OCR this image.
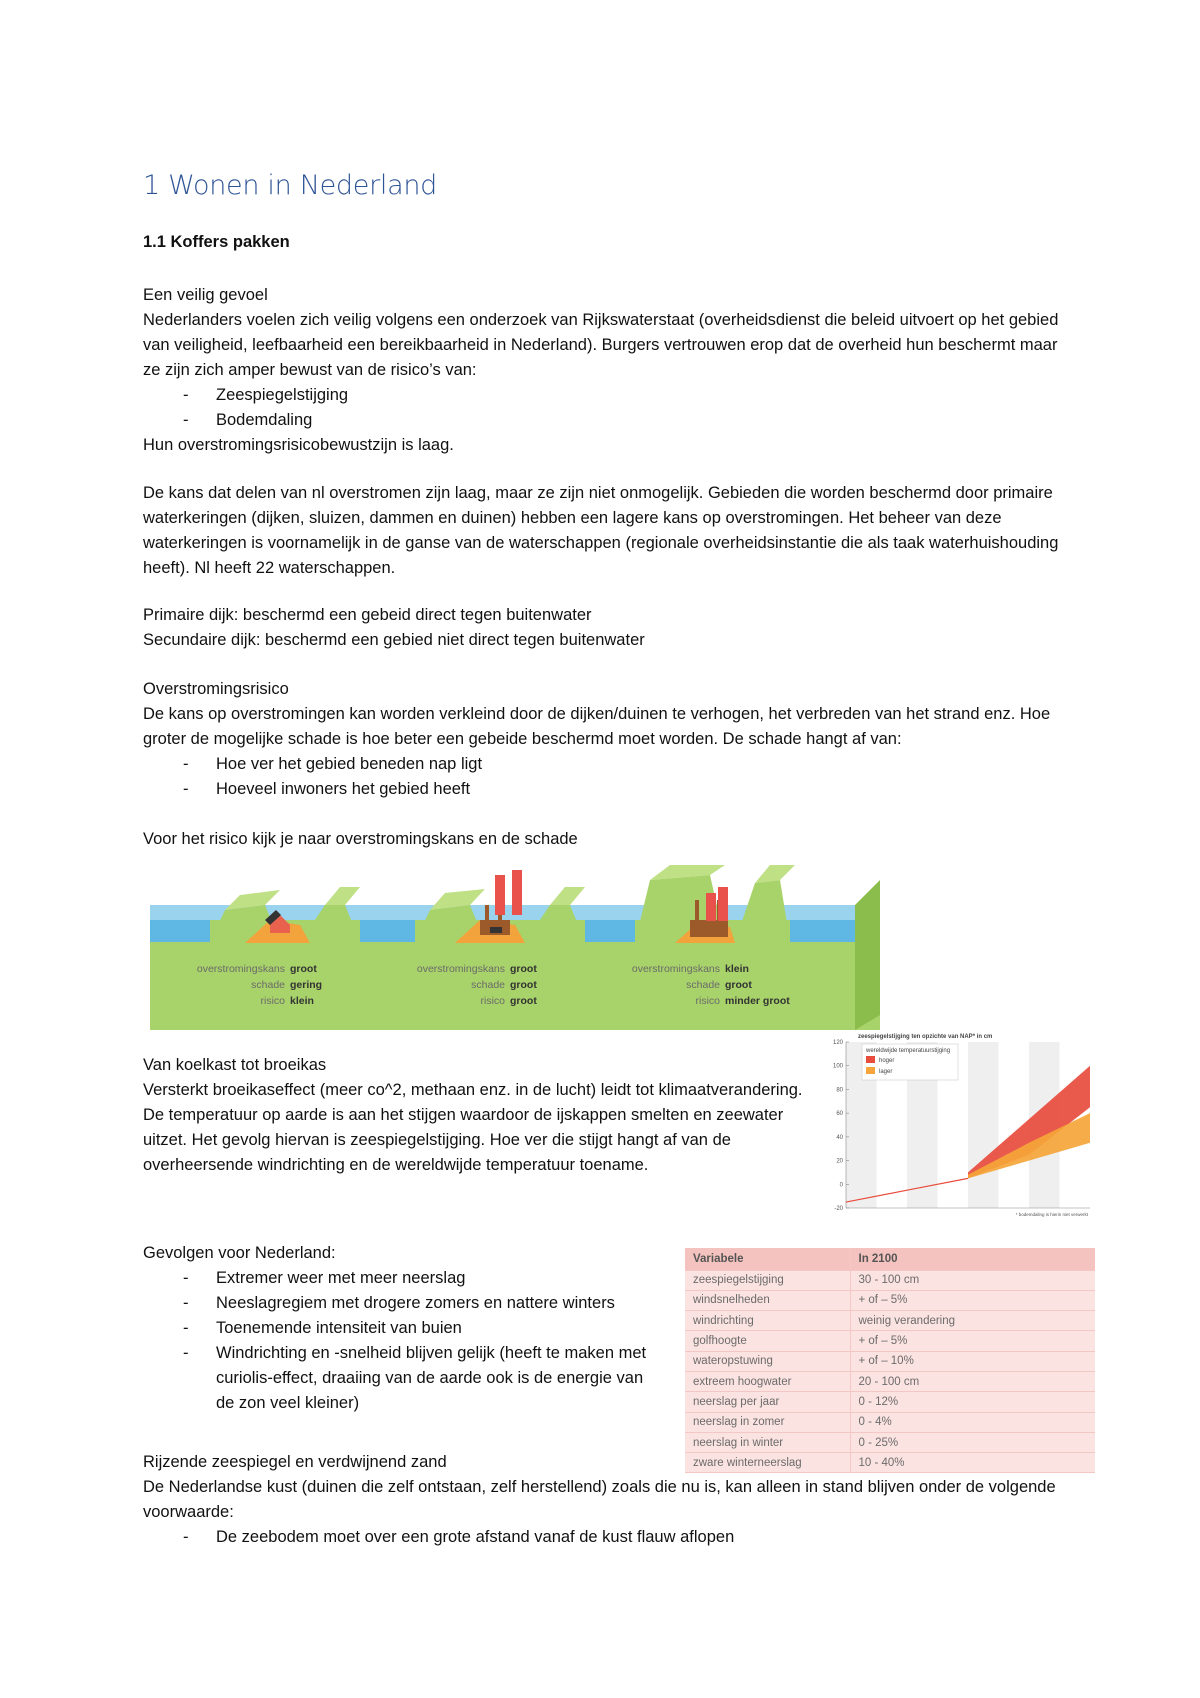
1 Wonen in Nederland
1.1 Koffers pakken

Een veilig gevoel

Nederlanders voelen zich veilig volgens een onderzoek van Rijkswaterstaat (overheidsdienst die beleid uitvoert op het gebied van veiligheid, leefbaarheid een bereikbaarheid in Nederland). Burgers vertrouwen erop dat de overheid hun beschermt maar ze zijn zich amper bewust van de risico’s van:

- Zeespiegelstijging

- Bodemdaling

Hun overstromingsrisicobewustzijn is laag.

De kans dat delen van nl overstromen zijn laag, maar ze zijn niet onmogelijk. Gebieden die worden beschermd door primaire waterkeringen (dijken, sluizen, dammen en duinen) hebben een lagere kans op overstromingen. Het beheer van deze waterkeringen is voornamelijk in de ganse van de waterschappen (regionale overheidsinstantie die als taak waterhuishouding heeft). Nl heeft 22 waterschappen.

Primaire dijk: beschermd een gebeid direct tegen buitenwater

Secundaire dijk: beschermd een gebied niet direct tegen buitenwater

Overstromingsrisico

De kans op overstromingen kan worden verkleind door de dijken/duinen te verhogen, het verbreden van het strand enz. Hoe groter de mogelijke schade is hoe beter een gebeide beschermd moet worden. De schade hangt af van:

- Hoe ver het gebied beneden nap ligt

- Hoeveel inwoners het gebied heeft

Voor het risico kijk je naar overstromingskans en de schade

overstromingskans
schade
risico
groot
gering
klein
overstromingskans
schade
risico
groot
groot
groot
overstromingskans
schade
risico
klein
groot
minder groot

Van koelkast tot broeikas

Versterkt broeikaseffect (meer co^2, methaan enz. in de lucht) leidt tot klimaatverandering. De temperatuur op aarde is aan het stijgen waardoor de ijskappen smelten en zeewater uitzet. Het gevolg hiervan is zeespiegelstijging. Hoe ver die stijgt hangt af van de overheersende windrichting en de wereldwijde temperatuur toename.

zeespiegelstijging ten opzichte van NAP* in cm
120
100
80
60
40
20
0
-20
wereldwijde temperatuurstijging
hoger
lager
* bodemdaling is hierin niet verwerkt

Gevolgen voor Nederland:

- Extremer weer met meer neerslag

- Neeslagregiem met drogere zomers en nattere winters

- Toenemende intensiteit van buien

- Windrichting en -snelheid blijven gelijk (heeft te maken met curiolis-effect, draaiing van de aarde ook is de energie van de zon veel kleiner)

Variabele	In 2100
zeespiegelstijging	30 - 100 cm
windsnelheden	+ of – 5%
windrichting	weinig verandering
golfhoogte	+ of – 5%
wateropstuwing	+ of – 10%
extreem hoogwater	20 - 100 cm
neerslag per jaar	0 - 12%
neerslag in zomer	0 - 4%
neerslag in winter	0 - 25%
zware winterneerslag	10 - 40%

Rijzende zeespiegel en verdwijnend zand

De Nederlandse kust (duinen die zelf ontstaan, zelf herstellend) zoals die nu is, kan alleen in stand blijven onder de volgende voorwaarde:

- De zeebodem moet over een grote afstand vanaf de kust flauw aflopen
